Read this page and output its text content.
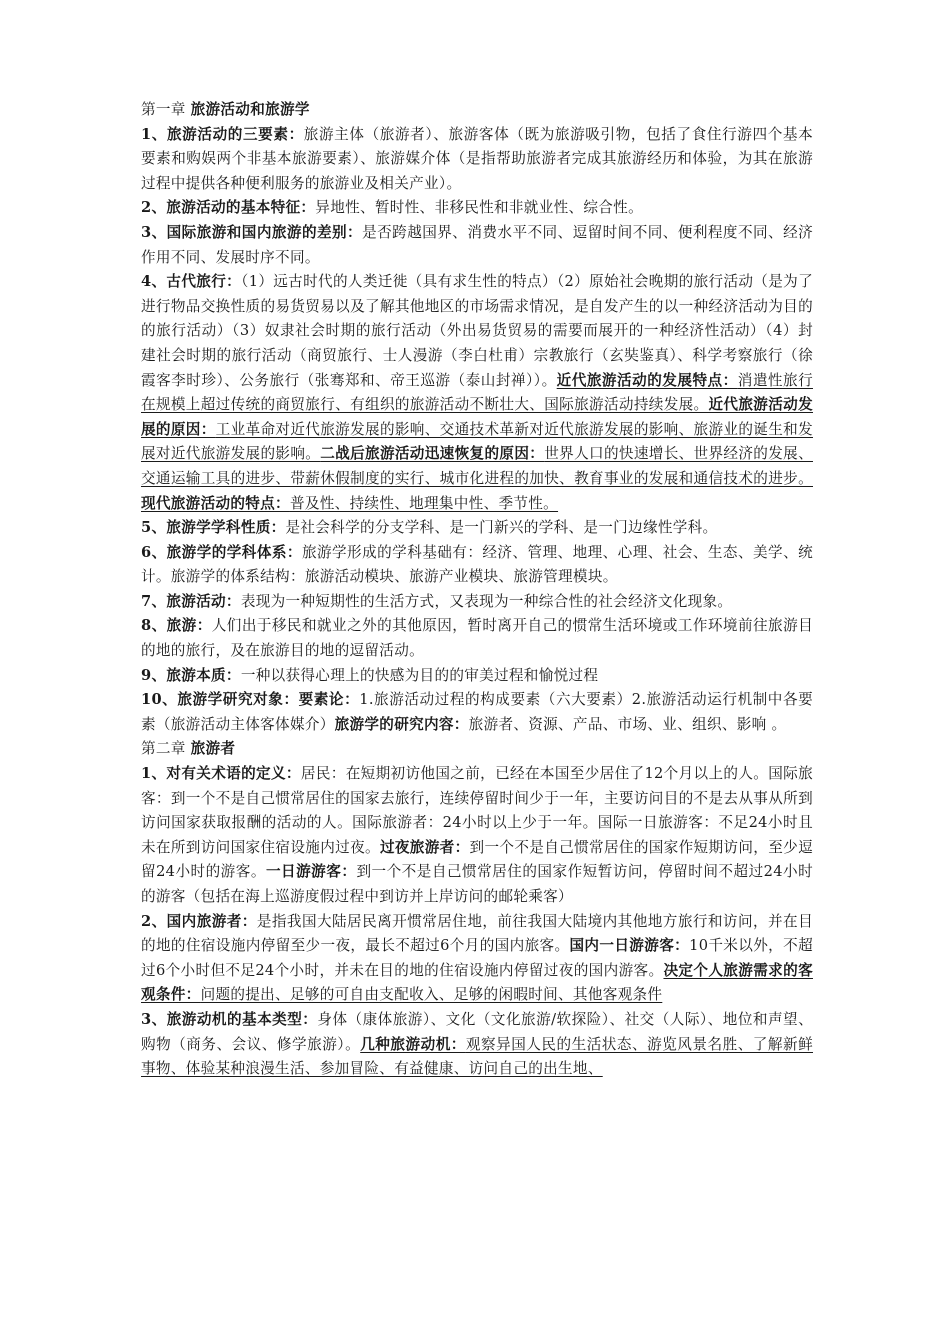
第一章 旅游活动和旅游学

1、旅游活动的三要素：旅游主体（旅游者）、旅游客体（既为旅游吸引物，包括了食住行游四个基本要素和购娱两个非基本旅游要素）、旅游媒介体（是指帮助旅游者完成其旅游经历和体验，为其在旅游过程中提供各种便利服务的旅游业及相关产业）。

2、旅游活动的基本特征：异地性、暂时性、非移民性和非就业性、综合性。

3、国际旅游和国内旅游的差别：是否跨越国界、消费水平不同、逗留时间不同、便利程度不同、经济作用不同、发展时序不同。

4、古代旅行：（1）远古时代的人类迁徙（具有求生性的特点）（2）原始社会晚期的旅行活动（是为了进行物品交换性质的易货贸易以及了解其他地区的市场需求情况，是自发产生的以一种经济活动为目的的旅行活动）（3）奴隶社会时期的旅行活动（外出易货贸易的需要而展开的一种经济性活动）（4）封建社会时期的旅行活动（商贸旅行、士人漫游（李白杜甫）宗教旅行（玄奘鉴真）、科学考察旅行（徐霞客李时珍）、公务旅行（张骞郑和、帝王巡游（泰山封禅））。近代旅游活动的发展特点：消遣性旅行在规模上超过传统的商贸旅行、有组织的旅游活动不断壮大、国际旅游活动持续发展。近代旅游活动发展的原因：工业革命对近代旅游发展的影响、交通技术革新对近代旅游发展的影响、旅游业的诞生和发展对近代旅游发展的影响。二战后旅游活动迅速恢复的原因：世界人口的快速增长、世界经济的发展、交通运输工具的进步、带薪休假制度的实行、城市化进程的加快、教育事业的发展和通信技术的进步。现代旅游活动的特点：普及性、持续性、地理集中性、季节性。

5、旅游学学科性质：是社会科学的分支学科、是一门新兴的学科、是一门边缘性学科。

6、旅游学的学科体系：旅游学形成的学科基础有：经济、管理、地理、心理、社会、生态、美学、统计。旅游学的体系结构：旅游活动模块、旅游产业模块、旅游管理模块。

7、旅游活动：表现为一种短期性的生活方式，又表现为一种综合性的社会经济文化现象。

8、旅游：人们出于移民和就业之外的其他原因，暂时离开自己的惯常生活环境或工作环境前往旅游目的地的旅行，及在旅游目的地的逗留活动。

9、旅游本质：一种以获得心理上的快感为目的的审美过程和愉悦过程

10、旅游学研究对象：要素论：1.旅游活动过程的构成要素（六大要素）2.旅游活动运行机制中各要素（旅游活动主体客体媒介）旅游学的研究内容：旅游者、资源、产品、市场、业、组织、影响 。

第二章 旅游者

1、对有关术语的定义：居民：在短期初访他国之前，已经在本国至少居住了12个月以上的人。国际旅客：到一个不是自己惯常居住的国家去旅行，连续停留时间少于一年，主要访问目的不是去从事从所到访问国家获取报酬的活动的人。国际旅游者：24小时以上少于一年。国际一日旅游客：不足24小时且未在所到访问国家住宿设施内过夜。过夜旅游者：到一个不是自己惯常居住的国家作短期访问，至少逗留24小时的游客。一日游游客：到一个不是自己惯常居住的国家作短暂访问，停留时间不超过24小时的游客（包括在海上巡游度假过程中到访并上岸访问的邮轮乘客）

2、国内旅游者：是指我国大陆居民离开惯常居住地，前往我国大陆境内其他地方旅行和访问，并在目的地的住宿设施内停留至少一夜，最长不超过6个月的国内旅客。国内一日游游客：10千米以外，不超过6个小时但不足24个小时，并未在目的地的住宿设施内停留过夜的国内游客。决定个人旅游需求的客观条件：问题的提出、足够的可自由支配收入、足够的闲暇时间、其他客观条件

3、旅游动机的基本类型：身体（康体旅游）、文化（文化旅游/软探险）、社交（人际）、地位和声望、购物（商务、会议、修学旅游）。几种旅游动机：观察异国人民的生活状态、游览风景名胜、了解新鲜事物、体验某种浪漫生活、参加冒险、有益健康、访问自己的出生地、
